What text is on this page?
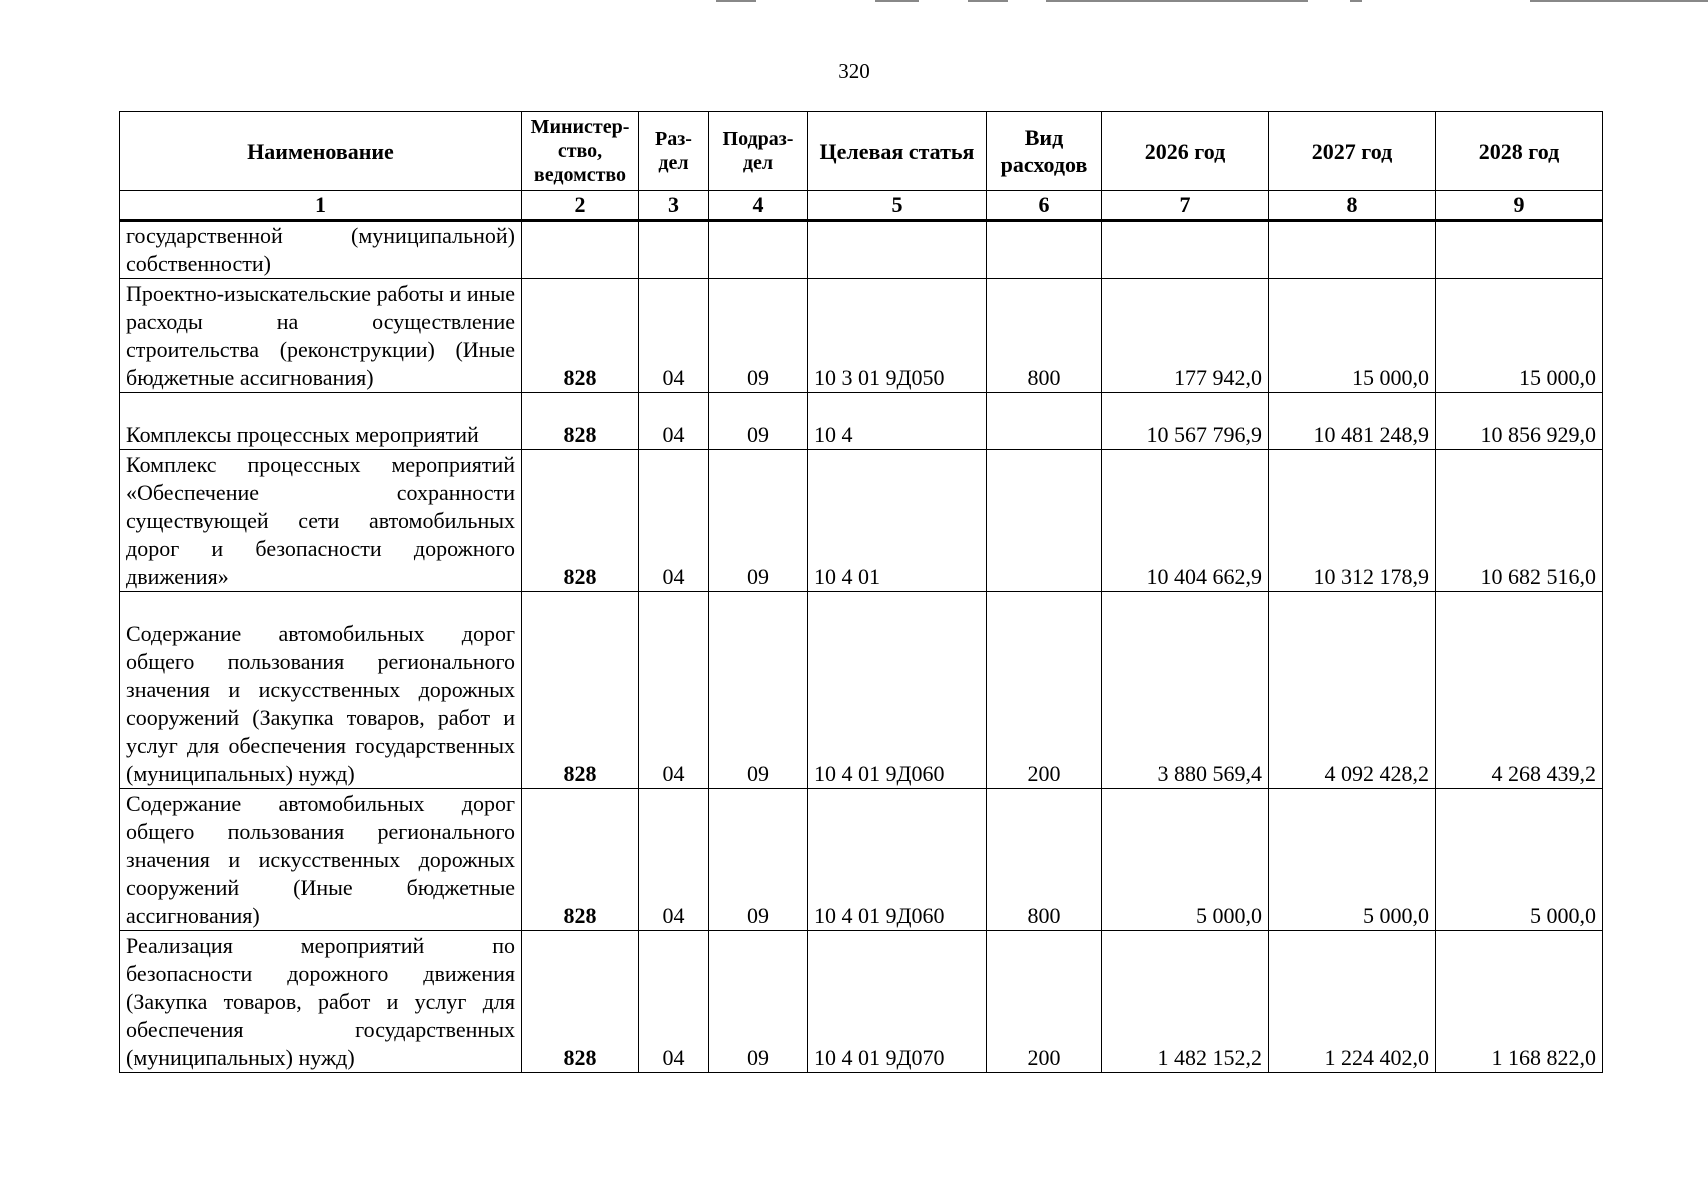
320
Наименование	Министер- ство, ведомство	Раз- дел	Подраз- дел	Целевая статья	Вид расходов	2026 год	2027 год	2028 год
1	2	3	4	5	6	7	8	9
государственной (муниципальной) собственности)								
Проектно-изыскательские работы и иные расходы на осуществление строительства (реконструкции) (Иные бюджетные ассигнования)	828	04	09	10 3 01 9Д050	800	177 942,0	15 000,0	15 000,0
Комплексы процессных мероприятий	828	04	09	10 4		10 567 796,9	10 481 248,9	10 856 929,0
Комплекс процессных мероприятий «Обеспечение сохранности существующей сети автомобильных дорог и безопасности дорожного движения»	828	04	09	10 4 01		10 404 662,9	10 312 178,9	10 682 516,0
Содержание автомобильных дорог общего пользования регионального значения и искусственных дорожных сооружений (Закупка товаров, работ и услуг для обеспечения государственных (муниципальных) нужд)	828	04	09	10 4 01 9Д060	200	3 880 569,4	4 092 428,2	4 268 439,2
Содержание автомобильных дорог общего пользования регионального значения и искусственных дорожных сооружений (Иные бюджетные ассигнования)	828	04	09	10 4 01 9Д060	800	5 000,0	5 000,0	5 000,0
Реализация мероприятий по безопасности дорожного движения (Закупка товаров, работ и услуг для обеспечения государственных (муниципальных) нужд)	828	04	09	10 4 01 9Д070	200	1 482 152,2	1 224 402,0	1 168 822,0
